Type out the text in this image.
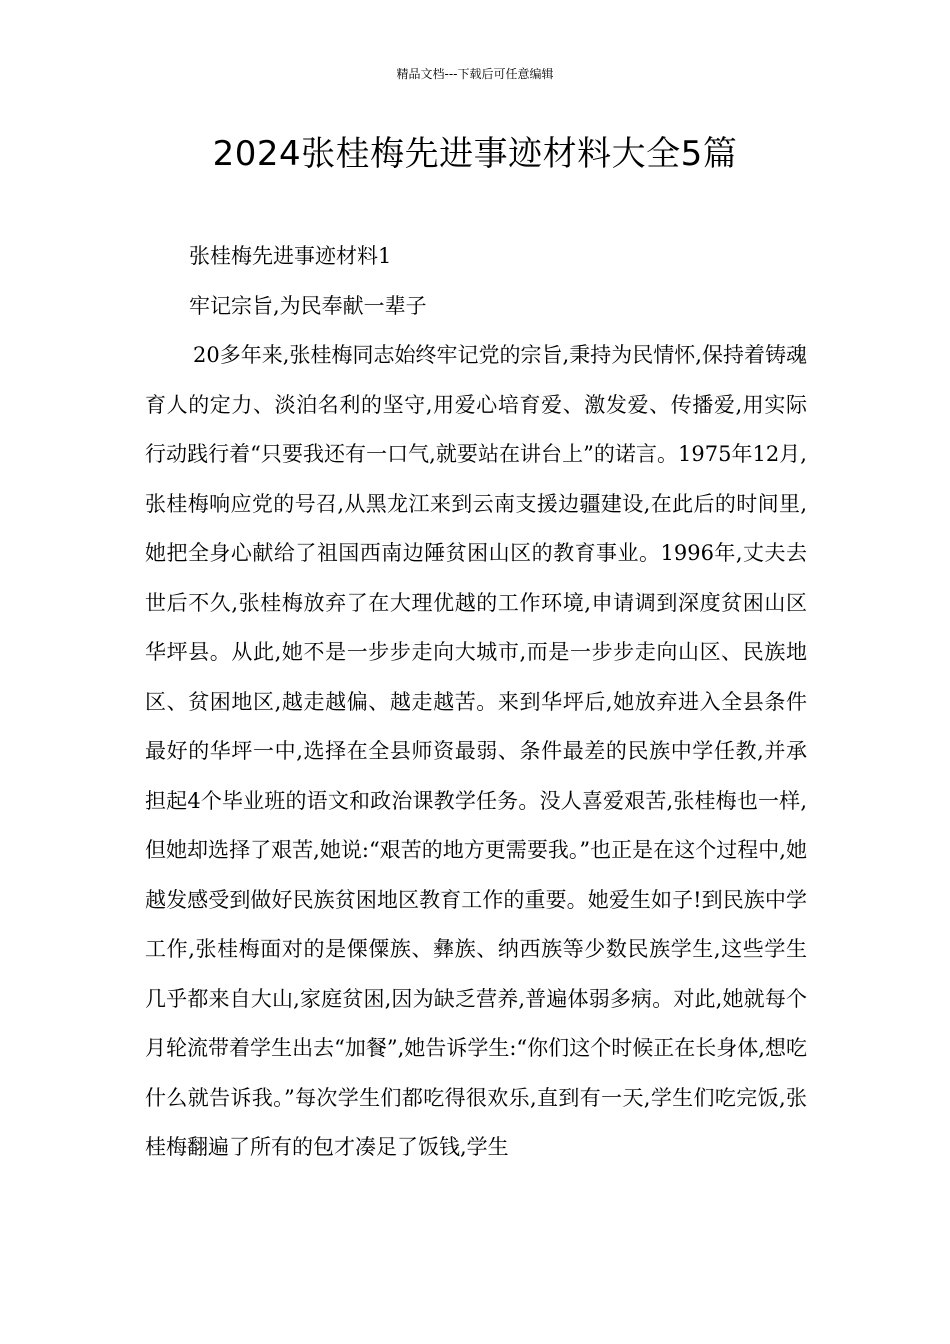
精品文档---下载后可任意编辑
2024张桂梅先进事迹材料大全5篇

张桂梅先进事迹材料1

牢记宗旨,为民奉献一辈子

20多年来,张桂梅同志始终牢记党的宗旨,秉持为民情怀,保持着铸魂育人的定力、淡泊名利的坚守,用爱心培育爱、激发爱、传播爱,用实际行动践行着“只要我还有一口气,就要站在讲台上”的诺言。1975年12月,张桂梅响应党的号召,从黑龙江来到云南支援边疆建设,在此后的时间里,她把全身心献给了祖国西南边陲贫困山区的教育事业。1996年,丈夫去世后不久,张桂梅放弃了在大理优越的工作环境,申请调到深度贫困山区华坪县。从此,她不是一步步走向大城市,而是一步步走向山区、民族地区、贫困地区,越走越偏、越走越苦。来到华坪后,她放弃进入全县条件最好的华坪一中,选择在全县师资最弱、条件最差的民族中学任教,并承担起4个毕业班的语文和政治课教学任务。没人喜爱艰苦,张桂梅也一样,但她却选择了艰苦,她说:“艰苦的地方更需要我。”也正是在这个过程中,她越发感受到做好民族贫困地区教育工作的重要。她爱生如子!到民族中学工作,张桂梅面对的是傈僳族、彝族、纳西族等少数民族学生,这些学生几乎都来自大山,家庭贫困,因为缺乏营养,普遍体弱多病。对此,她就每个月轮流带着学生出去“加餐”,她告诉学生:“你们这个时候正在长身体,想吃什么就告诉我。”每次学生们都吃得很欢乐,直到有一天,学生们吃完饭,张桂梅翻遍了所有的包才凑足了饭钱,学生
